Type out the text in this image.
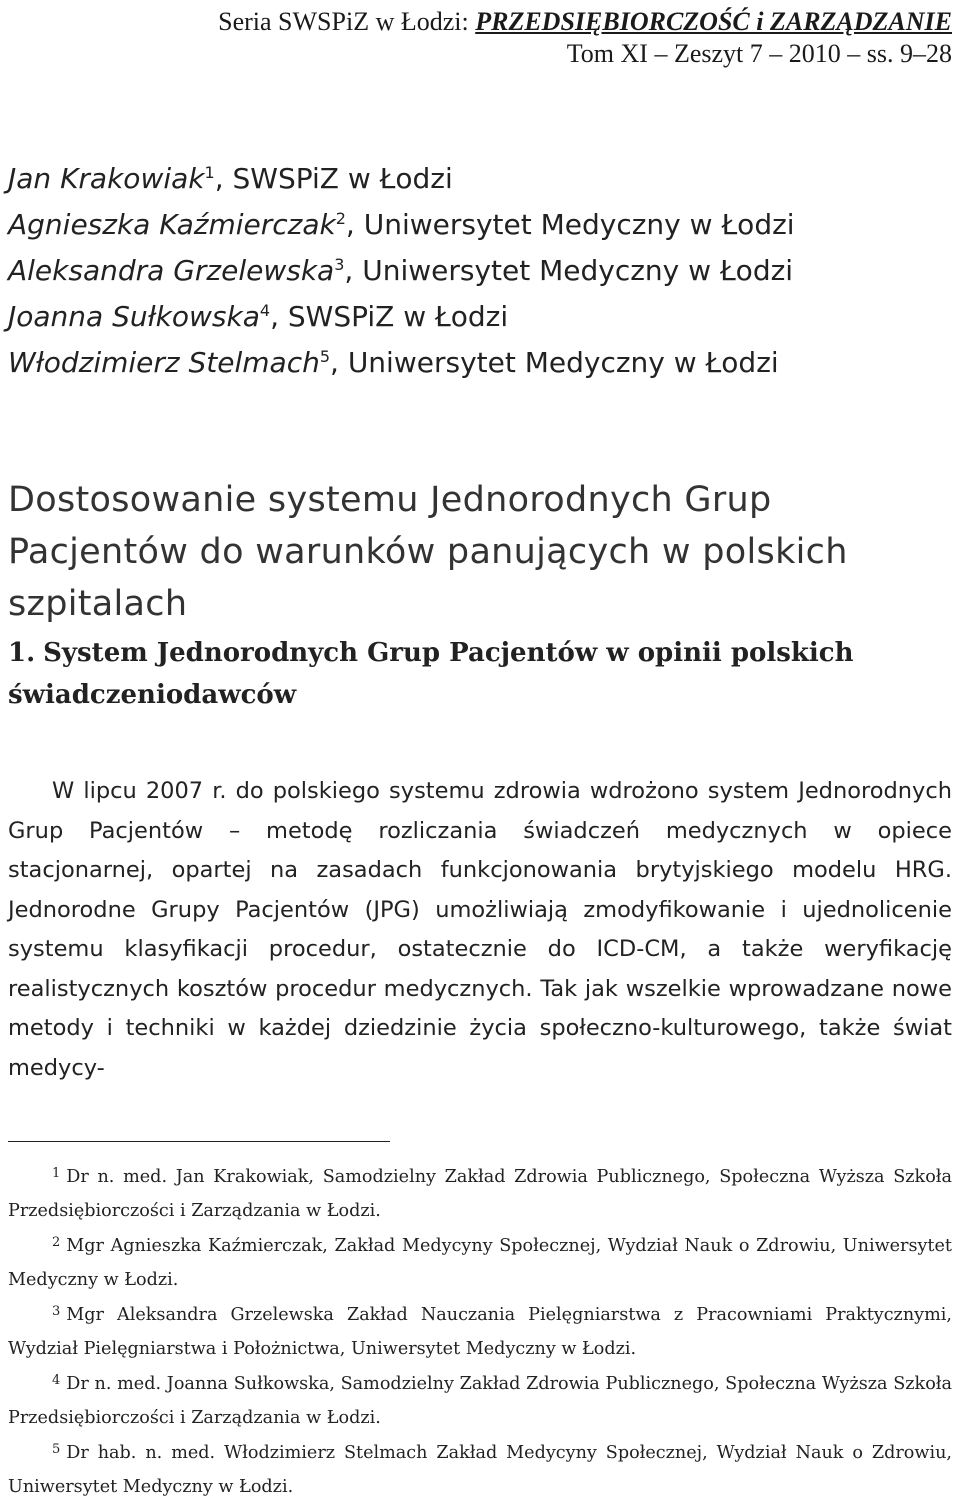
Seria SWSPiZ w Łodzi: PRZEDSIĘBIORCZOŚĆ i ZARZĄDZANIE
Tom XI – Zeszyt 7 – 2010 – ss. 9–28
Jan Krakowiak$^1$, SWSPiZ w Łodzi
Agnieszka Kaźmierczak$^2$, Uniwersytet Medyczny w Łodzi
Aleksandra Grzelewska$^3$, Uniwersytet Medyczny w Łodzi
Joanna Sułkowska$^4$, SWSPiZ w Łodzi
Włodzimierz Stelmach$^5$, Uniwersytet Medyczny w Łodzi
Dostosowanie systemu Jednorodnych Grup Pacjentów do warunków panujących w polskich szpitalach
1. System Jednorodnych Grup Pacjentów w opinii polskich świadczeniodawców

W lipcu 2007 r. do polskiego systemu zdrowia wdrożono system Jednorodnych Grup Pacjentów – metodę rozliczania świadczeń medycznych w opiece stacjonarnej, opartej na zasadach funkcjonowania brytyjskiego modelu HRG. Jednorodne Grupy Pacjentów (JPG) umożliwiają zmodyfikowanie i ujednolicenie systemu klasyfikacji procedur, ostatecznie do ICD-CM, a także weryfikację realistycznych kosztów procedur medycznych. Tak jak wszelkie wprowadzane nowe metody i techniki w każdej dziedzinie życia społeczno-kulturowego, także świat medycy-

$^1$ Dr n. med. Jan Krakowiak, Samodzielny Zakład Zdrowia Publicznego, Społeczna Wyższa Szkoła Przedsiębiorczości i Zarządzania w Łodzi.

$^2$ Mgr Agnieszka Kaźmierczak, Zakład Medycyny Społecznej, Wydział Nauk o Zdrowiu, Uniwersytet Medyczny w Łodzi.

$^3$ Mgr Aleksandra Grzelewska Zakład Nauczania Pielęgniarstwa z Pracowniami Praktycznymi, Wydział Pielęgniarstwa i Położnictwa, Uniwersytet Medyczny w Łodzi.

$^4$ Dr n. med. Joanna Sułkowska, Samodzielny Zakład Zdrowia Publicznego, Społeczna Wyższa Szkoła Przedsiębiorczości i Zarządzania w Łodzi.

$^5$ Dr hab. n. med. Włodzimierz Stelmach Zakład Medycyny Społecznej, Wydział Nauk o Zdrowiu, Uniwersytet Medyczny w Łodzi.
